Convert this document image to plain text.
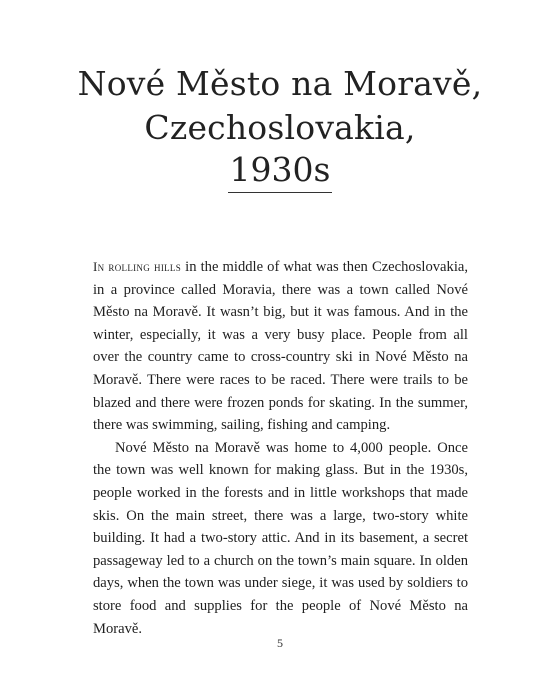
Nové Město na Moravě,
Czechoslovakia,
1930s

In rolling hills in the middle of what was then Czechoslovakia, in a province called Moravia, there was a town called Nové Město na Moravě. It wasn’t big, but it was famous. And in the winter, especially, it was a very busy place. People from all over the country came to cross-country ski in Nové Město na Moravě. There were races to be raced. There were trails to be blazed and there were frozen ponds for skating. In the summer, there was swimming, sailing, fishing and camping.

Nové Město na Moravě was home to 4,000 people. Once the town was well known for making glass. But in the 1930s, people worked in the forests and in little workshops that made skis. On the main street, there was a large, two-story white building. It had a two-story attic. And in its basement, a secret passageway led to a church on the town’s main square. In olden days, when the town was under siege, it was used by soldiers to store food and supplies for the people of Nové Město na Moravě.

5
